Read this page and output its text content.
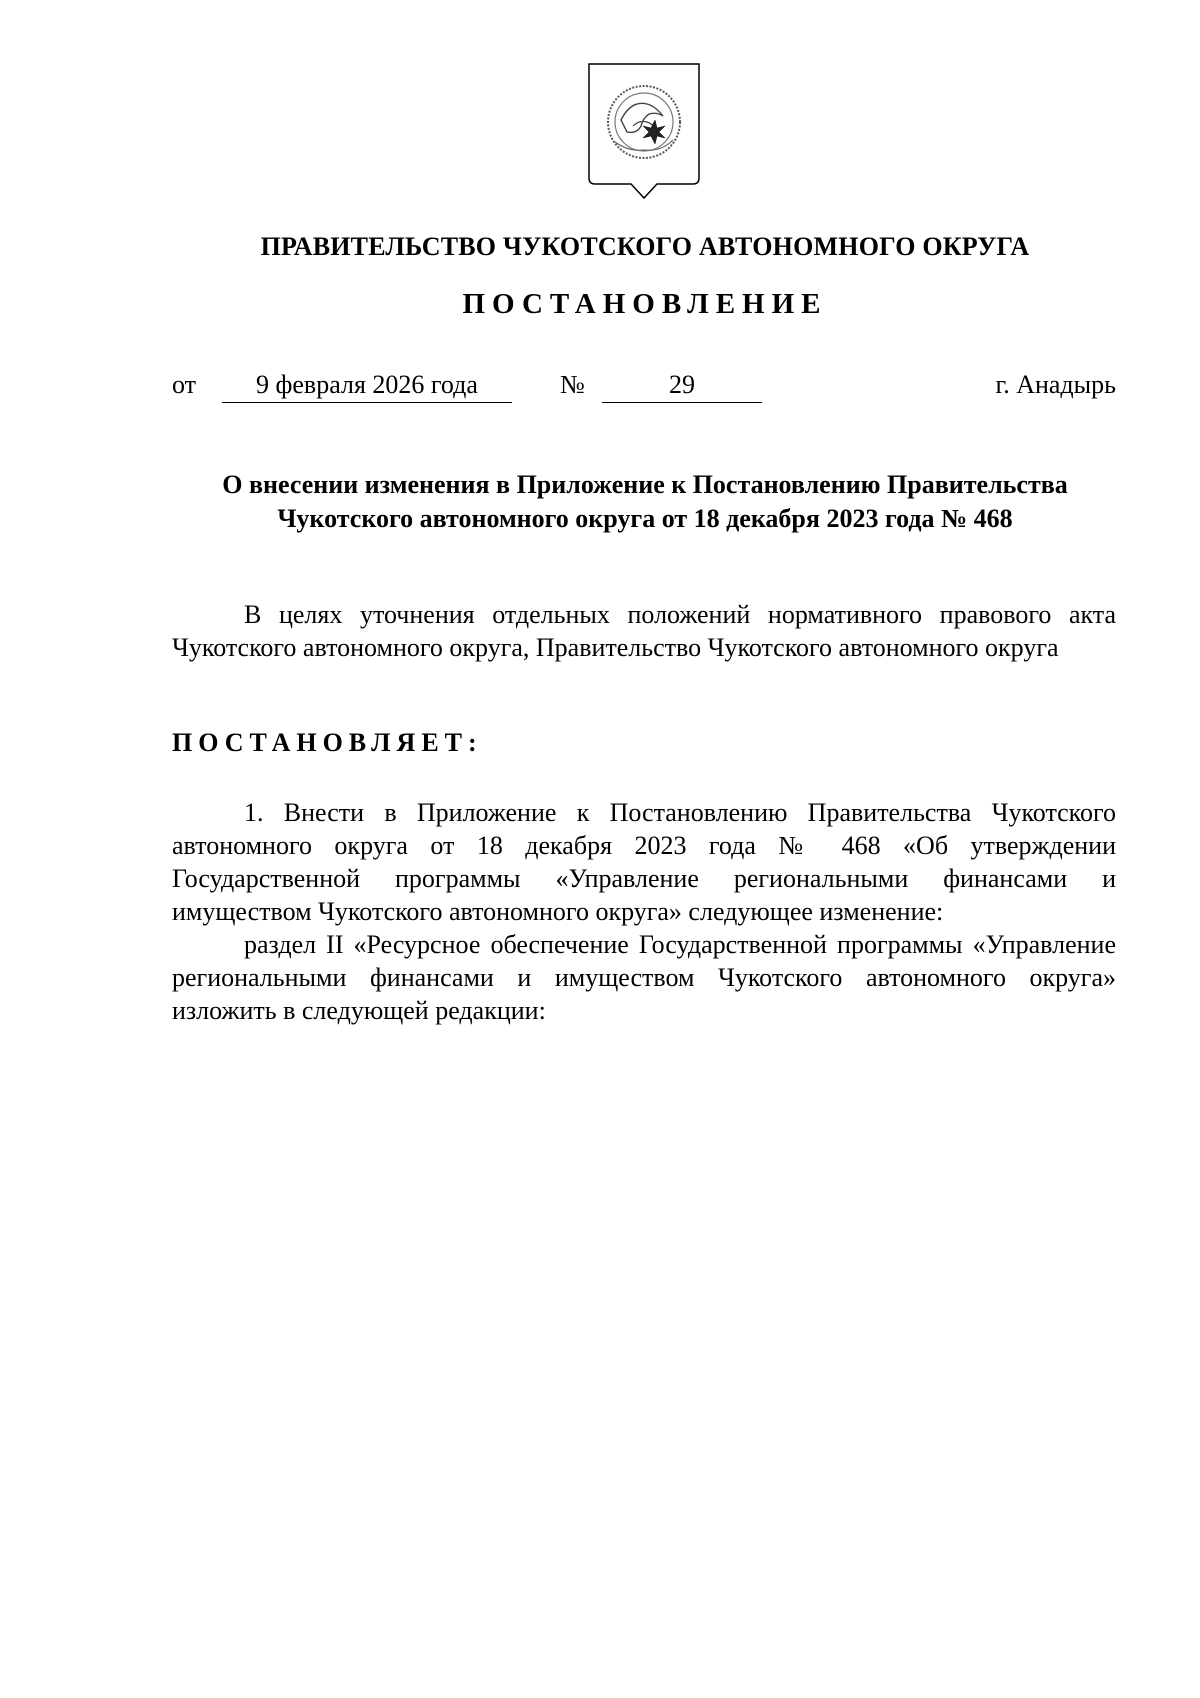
ПРАВИТЕЛЬСТВО ЧУКОТСКОГО АВТОНОМНОГО ОКРУГА
ПОСТАНОВЛЕНИЕ
от	9 февраля 2026 года	№	29	г. Анадырь
О внесении изменения в Приложение к Постановлению Правительства Чукотского автономного округа от 18 декабря 2023 года № 468
В целях уточнения отдельных положений нормативного правового акта Чукотского автономного округа, Правительство Чукотского автономного округа
ПОСТАНОВЛЯЕТ:
1. Внести в Приложение к Постановлению Правительства Чукотского автономного округа от 18 декабря 2023 года № 468 «Об утверждении Государственной программы «Управление региональными финансами и имуществом Чукотского автономного округа» следующее изменение:
раздел II «Ресурсное обеспечение Государственной программы «Управление региональными финансами и имуществом Чукотского автономного округа» изложить в следующей редакции:
